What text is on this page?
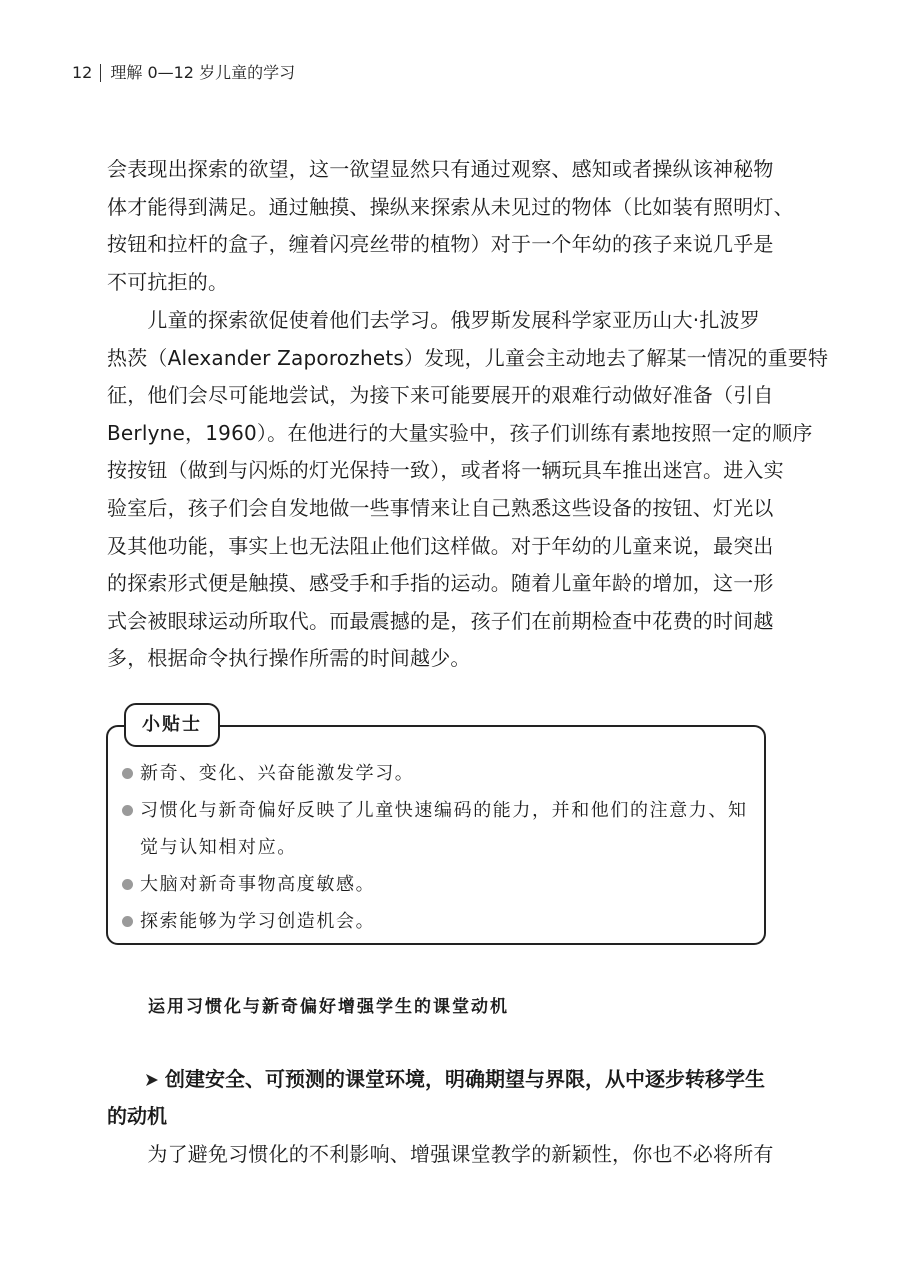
12 理解 0—12 岁儿童的学习

会表现出探索的欲望，这一欲望显然只有通过观察、感知或者操纵该神秘物
体才能得到满足。通过触摸、操纵来探索从未见过的物体（比如装有照明灯、
按钮和拉杆的盒子，缠着闪亮丝带的植物）对于一个年幼的孩子来说几乎是
不可抗拒的。

　　儿童的探索欲促使着他们去学习。俄罗斯发展科学家亚历山大·扎波罗
热茨（Alexander Zaporozhets）发现，儿童会主动地去了解某一情况的重要特
征，他们会尽可能地尝试，为接下来可能要展开的艰难行动做好准备（引自
Berlyne，1960）。在他进行的大量实验中，孩子们训练有素地按照一定的顺序
按按钮（做到与闪烁的灯光保持一致），或者将一辆玩具车推出迷宫。进入实
验室后，孩子们会自发地做一些事情来让自己熟悉这些设备的按钮、灯光以
及其他功能，事实上也无法阻止他们这样做。对于年幼的儿童来说，最突出
的探索形式便是触摸、感受手和手指的运动。随着儿童年龄的增加，这一形
式会被眼球运动所取代。而最震撼的是，孩子们在前期检查中花费的时间越
多，根据命令执行操作所需的时间越少。

小贴士
新奇、变化、兴奋能激发学习。
习惯化与新奇偏好反映了儿童快速编码的能力，并和他们的注意力、知
觉与认知相对应。
大脑对新奇事物高度敏感。
探索能够为学习创造机会。
运用习惯化与新奇偏好增强学生的课堂动机
创建安全、可预测的课堂环境，明确期望与界限，从中逐步转移学生
的动机

　　为了避免习惯化的不利影响、增强课堂教学的新颖性，你也不必将所有
